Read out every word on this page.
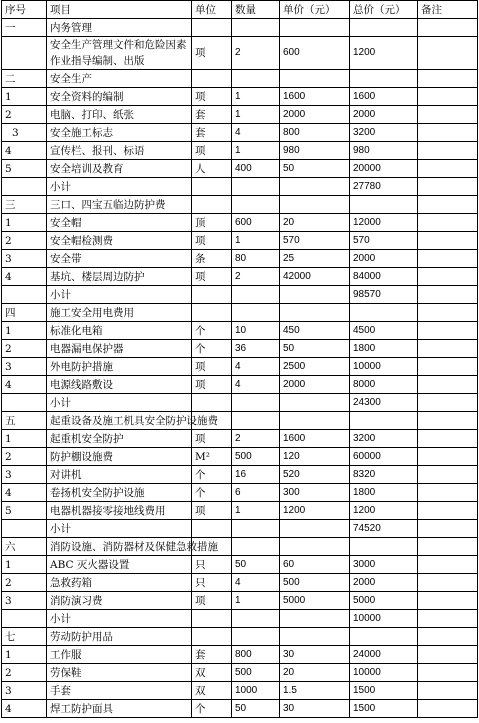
序号	项目	单位	数量	单价（元）	总价（元）	备注
一	内务管理					
	安全生产管理文件和危险因素作业指导编制、出版	项	2	600	1200	
二	安全生产					
1	安全资料的编制	项	1	1600	1600	
2	电脑、打印、纸张	套	1	2000	2000	
3	安全施工标志	套	4	800	3200	
4	宣传栏、报刊、标语	项	1	980	980	
5	安全培训及教育	人	400	50	20000	
	小计				27780	
三	三口、四宝五临边防护费					
1	安全帽	顶	600	20	12000	
2	安全帽检测费	项	1	570	570	
3	安全带	条	80	25	2000	
4	基坑、楼层周边防护	项	2	42000	84000	
	小计				98570	
四	施工安全用电费用					
1	标准化电箱	个	10	450	4500	
2	电器漏电保护器	个	36	50	1800	
3	外电防护措施	项	4	2500	10000	
4	电源线路敷设	项	4	2000	8000	
	小计				24300	
五	起重设备及施工机具安全防护设施费					
1	起重机安全防护	项	2	1600	3200	
2	防护棚设施费	M²	500	120	60000	
3	对讲机	个	16	520	8320	
4	卷扬机安全防护设施	个	6	300	1800	
5	电器机器接零接地线费用	项	1	1200	1200	
	小计				74520	
六	消防设施、消防器材及保健急救措施					
1	ABC 灭火器设置	只	50	60	3000	
2	急救药箱	只	4	500	2000	
3	消防演习费	项	1	5000	5000	
	小计				10000	
七	劳动防护用品					
1	工作服	套	800	30	24000	
2	劳保鞋	双	500	20	10000	
3	手套	双	1000	1.5	1500	
4	焊工防护面具	个	50	30	1500	
